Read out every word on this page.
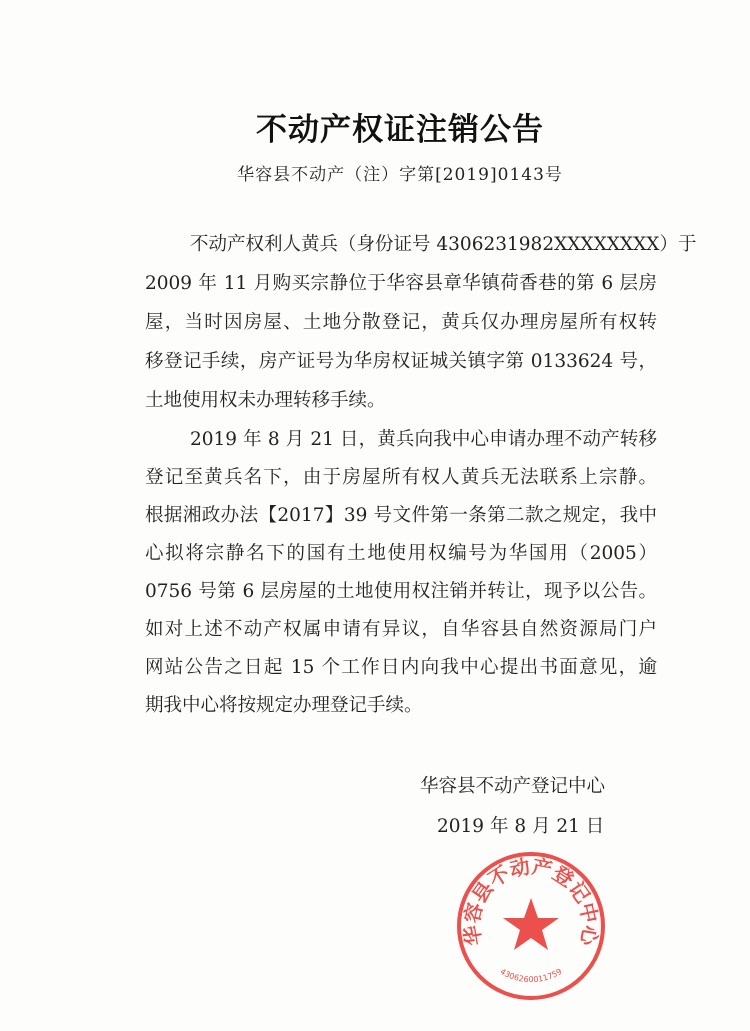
不动产权证注销公告
华容县不动产（注）字第[2019]0143号
不动产权利人黄兵（身份证号 4306231982XXXXXXXX）于
2009 年 11 月购买宗静位于华容县章华镇荷香巷的第 6 层房
屋，当时因房屋、土地分散登记，黄兵仅办理房屋所有权转
移登记手续，房产证号为华房权证城关镇字第 0133624 号，
土地使用权未办理转移手续。
2019 年 8 月 21 日，黄兵向我中心申请办理不动产转移
登记至黄兵名下，由于房屋所有权人黄兵无法联系上宗静。
根据湘政办法【2017】39 号文件第一条第二款之规定，我中
心拟将宗静名下的国有土地使用权编号为华国用（2005）
0756 号第 6 层房屋的土地使用权注销并转让，现予以公告。
如对上述不动产权属申请有异议，自华容县自然资源局门户
网站公告之日起 15 个工作日内向我中心提出书面意见，逾
期我中心将按规定办理登记手续。
华容县不动产登记中心
2019 年 8 月 21 日
华容县不动产登记中心
4306260011759
